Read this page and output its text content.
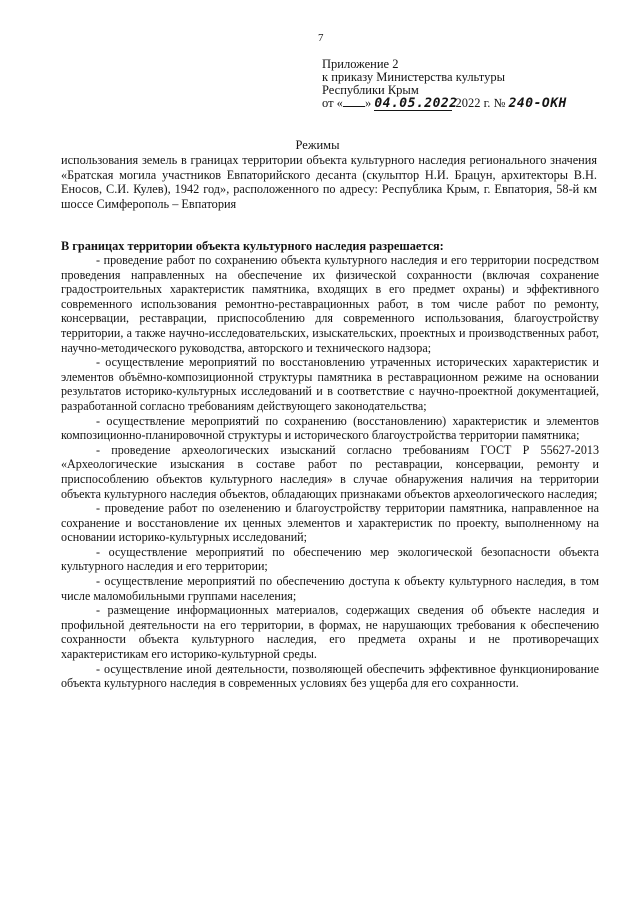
7
Приложение 2
к приказу Министерства культуры
Республики Крым
от « » 04.05.2022 2022 г. № 240-ОКН
Режимы
использования земель в границах территории объекта культурного наследия регионального значения «Братская могила участников Евпаторийского десанта (скульптор Н.И. Брацун, архитекторы В.Н. Еносов, С.И. Кулев), 1942 год», расположенного по адресу: Республика Крым, г. Евпатория, 58-й км шоссе Симферополь – Евпатория
В границах территории объекта культурного наследия разрешается:

- проведение работ по сохранению объекта культурного наследия и его территории посредством проведения направленных на обеспечение их физической сохранности (включая сохранение градостроительных характеристик памятника, входящих в его предмет охраны) и эффективного современного использования ремонтно-реставрационных работ, в том числе работ по ремонту, консервации, реставрации, приспособлению для современного использования, благоустройству территории, а также научно-исследовательских, изыскательских, проектных и производственных работ, научно-методического руководства, авторского и технического надзора;

- осуществление мероприятий по восстановлению утраченных исторических характеристик и элементов объёмно-композиционной структуры памятника в реставрационном режиме на основании результатов историко-культурных исследований и в соответствие с научно-проектной документацией, разработанной согласно требованиям действующего законодательства;

- осуществление мероприятий по сохранению (восстановлению) характеристик и элементов композиционно-планировочной структуры и исторического благоустройства территории памятника;

- проведение археологических изысканий согласно требованиям ГОСТ Р 55627-2013 «Археологические изыскания в составе работ по реставрации, консервации, ремонту и приспособлению объектов культурного наследия» в случае обнаружения наличия на территории объекта культурного наследия объектов, обладающих признаками объектов археологического наследия;

- проведение работ по озеленению и благоустройству территории памятника, направленное на сохранение и восстановление их ценных элементов и характеристик по проекту, выполненному на основании историко-культурных исследований;

- осуществление мероприятий по обеспечению мер экологической безопасности объекта культурного наследия и его территории;

- осуществление мероприятий по обеспечению доступа к объекту культурного наследия, в том числе маломобильными группами населения;

- размещение информационных материалов, содержащих сведения об объекте наследия и профильной деятельности на его территории, в формах, не нарушающих требования к обеспечению сохранности объекта культурного наследия, его предмета охраны и не противоречащих характеристикам его историко-культурной среды.

- осуществление иной деятельности, позволяющей обеспечить эффективное функционирование объекта культурного наследия в современных условиях без ущерба для его сохранности.
